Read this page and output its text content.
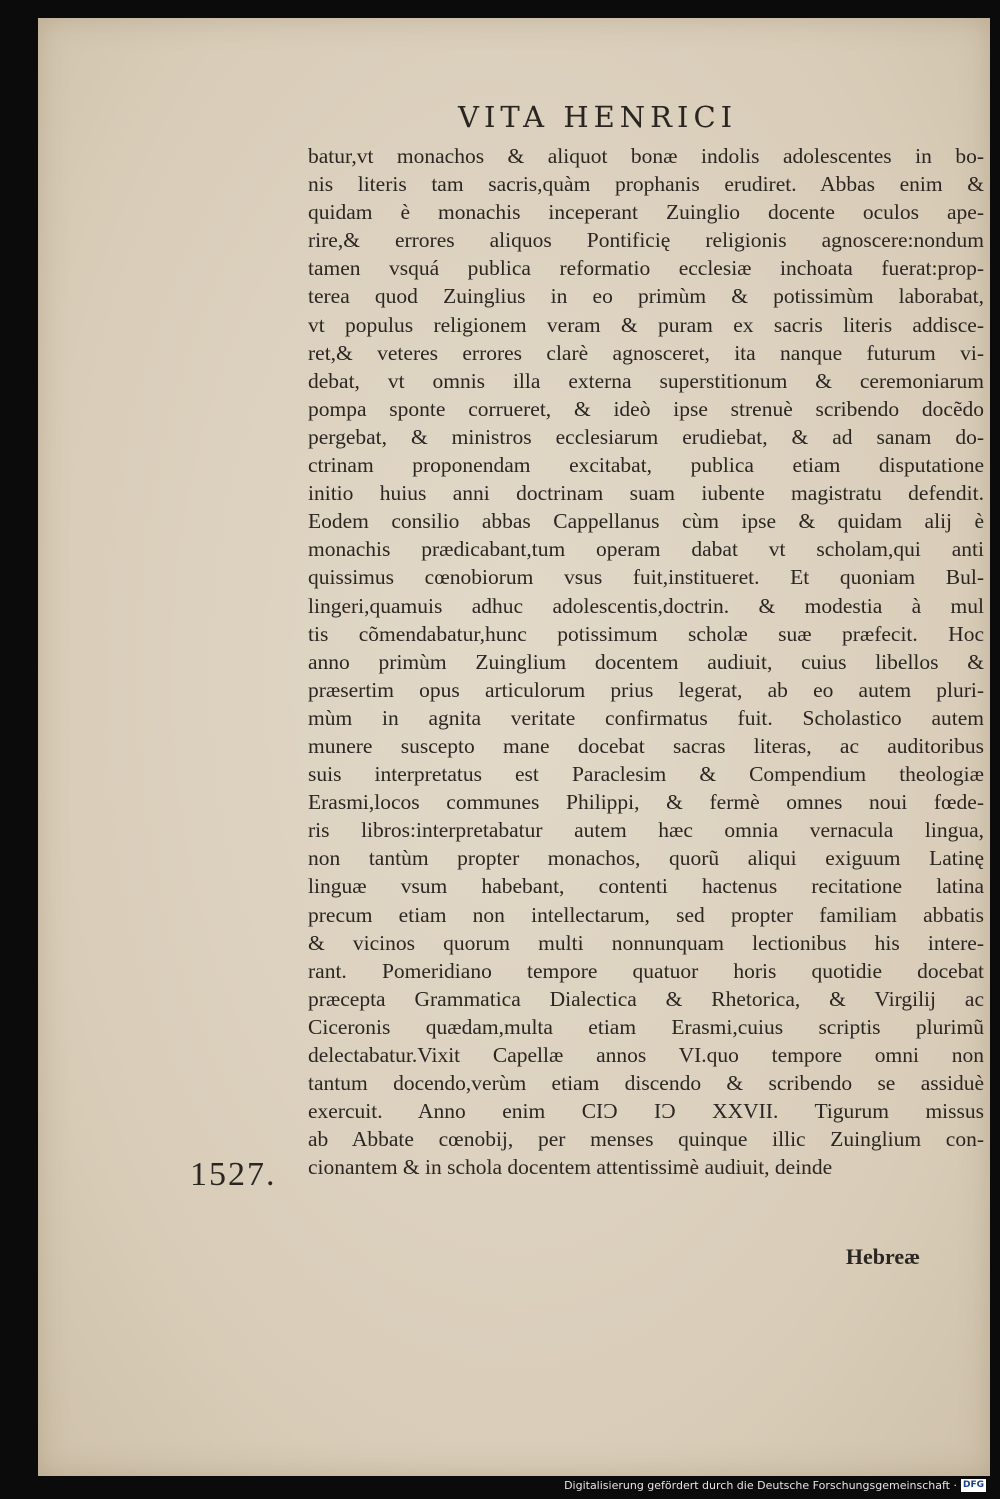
VITA HENRICI
batur,vt monachos & aliquot bonæ indolis adolescentes in bo-
nis literis tam sacris,quàm prophanis erudiret. Abbas enim &
quidam è monachis inceperant Zuinglio docente oculos ape-
rire,& errores aliquos Pontificię religionis agnoscere:nondum
tamen vsquá publica reformatio ecclesiæ inchoata fuerat:prop-
terea quod Zuinglius in eo primùm & potissimùm laborabat,
vt populus religionem veram & puram ex sacris literis addisce-
ret,& veteres errores clarè agnosceret, ita nanque futurum vi-
debat, vt omnis illa externa superstitionum & ceremoniarum
pompa sponte corrueret, & ideò ipse strenuè scribendo docẽdo
pergebat, & ministros ecclesiarum erudiebat, & ad sanam do-
ctrinam proponendam excitabat, publica etiam disputatione
initio huius anni doctrinam suam iubente magistratu defendit.
Eodem consilio abbas Cappellanus cùm ipse & quidam alij è
monachis prædicabant,tum operam dabat vt scholam,qui anti
quissimus cœnobiorum vsus fuit,institueret. Et quoniam Bul-
lingeri,quamuis adhuc adolescentis,doctrin. & modestia à mul
tis cõmendabatur,hunc potissimum scholæ suæ præfecit. Hoc
anno primùm Zuinglium docentem audiuit, cuius libellos &
præsertim opus articulorum prius legerat, ab eo autem pluri-
mùm in agnita veritate confirmatus fuit. Scholastico autem
munere suscepto mane docebat sacras literas, ac auditoribus
suis interpretatus est Paraclesim & Compendium theologiæ
Erasmi,locos communes Philippi, & fermè omnes noui fœde-
ris libros:interpretabatur autem hæc omnia vernacula lingua,
non tantùm propter monachos, quorũ aliqui exiguum Latinę
linguæ vsum habebant, contenti hactenus recitatione latina
precum etiam non intellectarum, sed propter familiam abbatis
& vicinos quorum multi nonnunquam lectionibus his intere-
rant. Pomeridiano tempore quatuor horis quotidie docebat
præcepta Grammatica Dialectica & Rhetorica, & Virgilij ac
Ciceronis quædam,multa etiam Erasmi,cuius scriptis plurimũ
delectabatur.Vixit Capellæ annos VI.quo tempore omni non
tantum docendo,verùm etiam discendo & scribendo se assiduè
exercuit. Anno enim CIƆ IƆ XXVII. Tigurum missus
ab Abbate cœnobij, per menses quinque illic Zuinglium con-
cionantem & in schola docentem attentissimè audiuit, deinde
1527.
Hebreæ
Digitalisierung gefördert durch die Deutsche Forschungsgemeinschaft · DFG
